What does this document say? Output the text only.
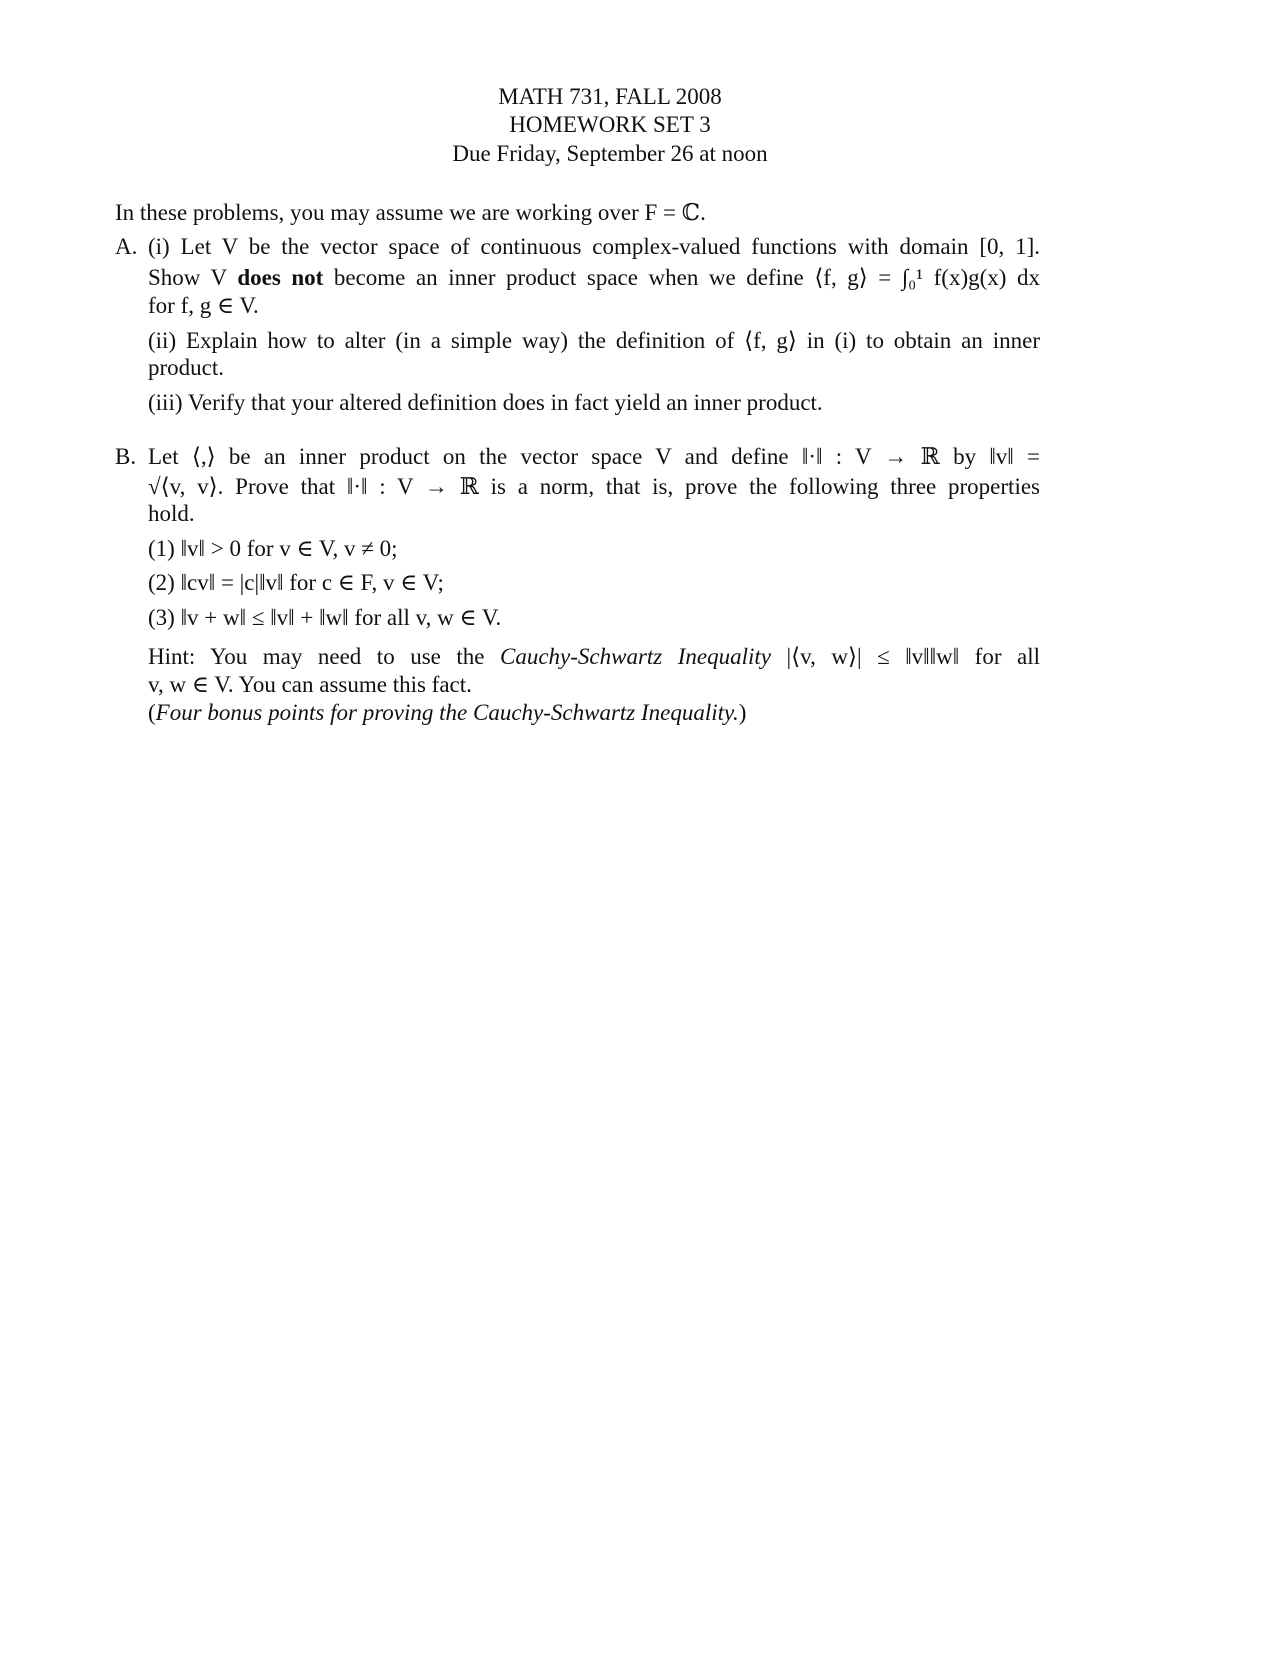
MATH 731, FALL 2008
HOMEWORK SET 3
Due Friday, September 26 at noon
In these problems, you may assume we are working over F = ℂ.
A. (i) Let V be the vector space of continuous complex-valued functions with domain [0, 1].
Show V does not become an inner product space when we define ⟨f, g⟩ = ∫₀¹ f(x)g(x) dx
for f, g ∈ V.
(ii) Explain how to alter (in a simple way) the definition of ⟨f, g⟩ in (i) to obtain an inner
product.
(iii) Verify that your altered definition does in fact yield an inner product.
B. Let ⟨,⟩ be an inner product on the vector space V and define ‖·‖ : V → ℝ by ‖v‖ =
√⟨v, v⟩. Prove that ‖·‖ : V → ℝ is a norm, that is, prove the following three properties
hold.
(1) ‖v‖ > 0 for v ∈ V, v ≠ 0;
(2) ‖cv‖ = |c|‖v‖ for c ∈ F, v ∈ V;
(3) ‖v + w‖ ≤ ‖v‖ + ‖w‖ for all v, w ∈ V.
Hint: You may need to use the Cauchy-Schwartz Inequality |⟨v, w⟩| ≤ ‖v‖‖w‖ for all
v, w ∈ V. You can assume this fact.
(Four bonus points for proving the Cauchy-Schwartz Inequality.)
